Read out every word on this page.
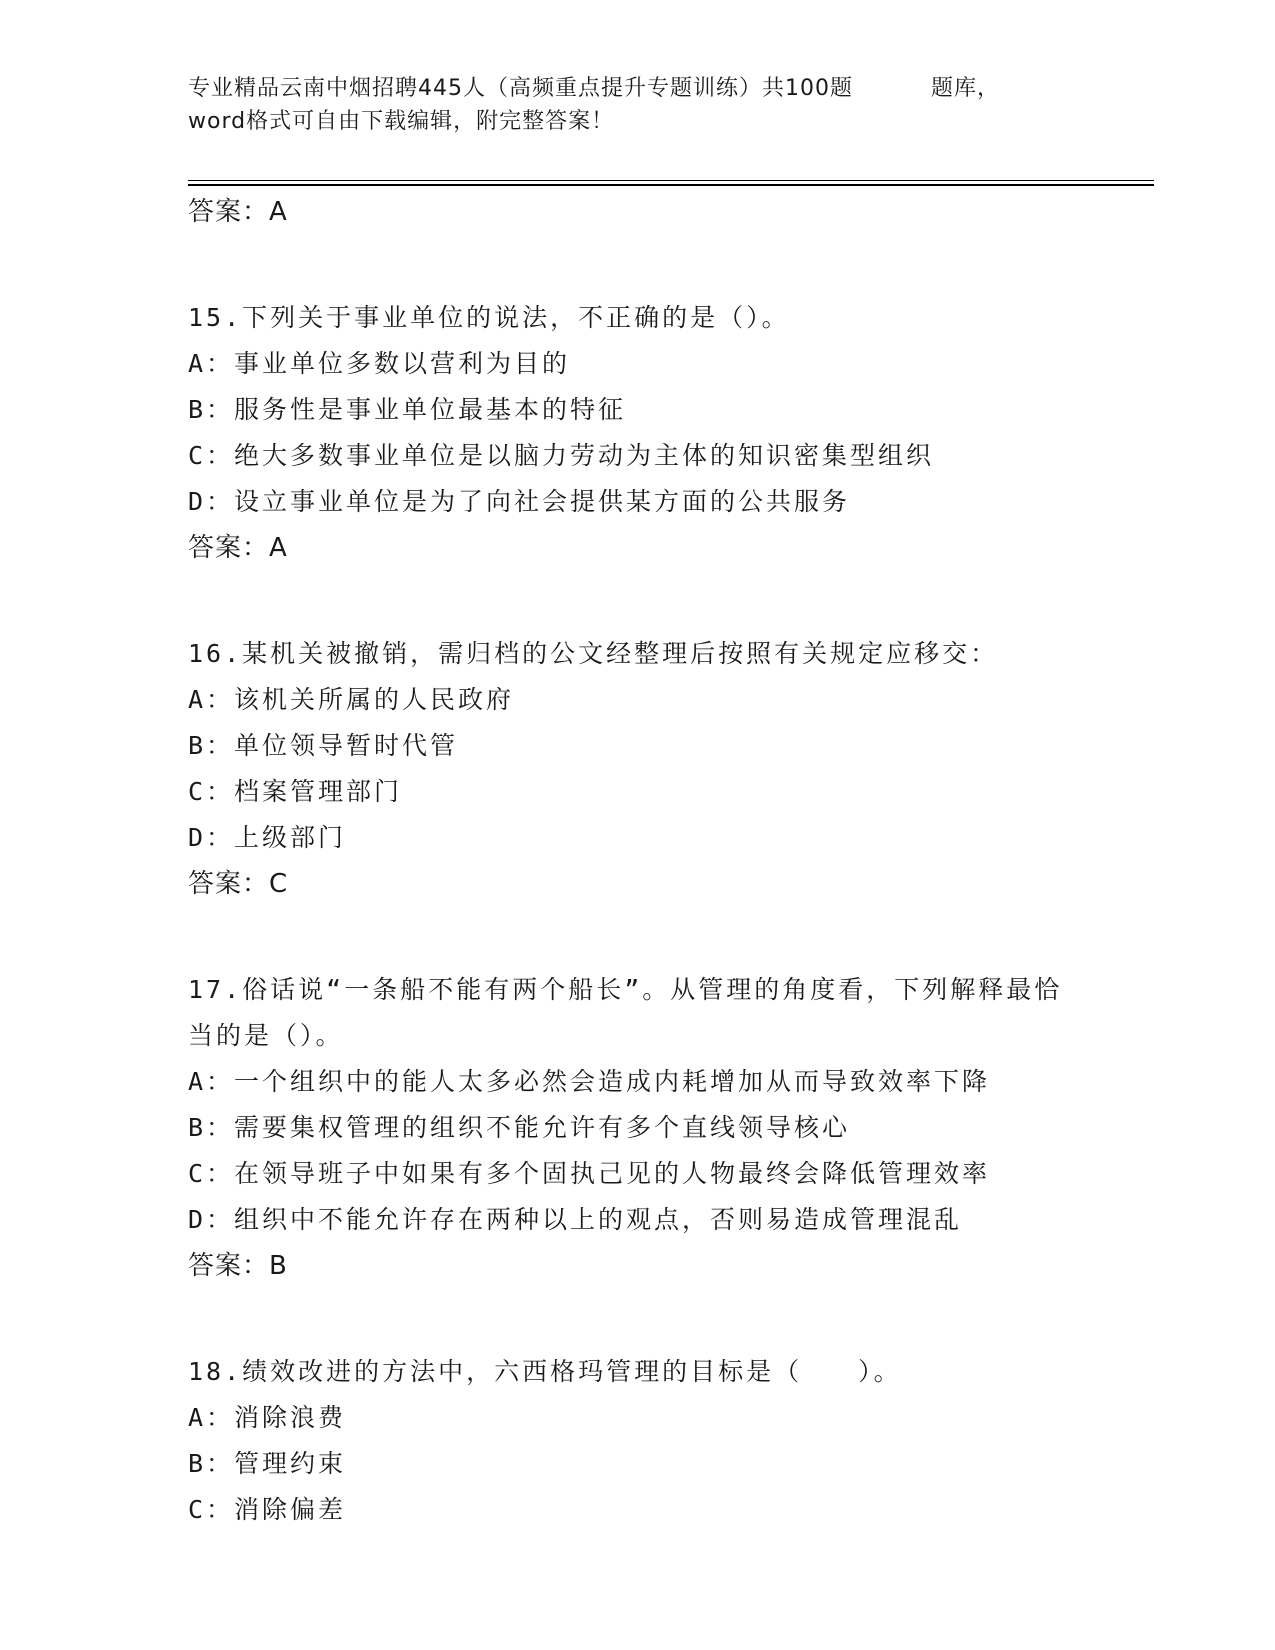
专业精品云南中烟招聘445人（高频重点提升专题训练）共100题	题库，
word格式可自由下载编辑，附完整答案！
答案：A
15.下列关于事业单位的说法，不正确的是（）。
A：事业单位多数以营利为目的
B：服务性是事业单位最基本的特征
C：绝大多数事业单位是以脑力劳动为主体的知识密集型组织
D：设立事业单位是为了向社会提供某方面的公共服务
答案：A
16.某机关被撤销，需归档的公文经整理后按照有关规定应移交：
A：该机关所属的人民政府
B：单位领导暂时代管
C：档案管理部门
D：上级部门
答案：C
17.俗话说“一条船不能有两个船长”。从管理的角度看，下列解释最恰当的是（）。
A：一个组织中的能人太多必然会造成内耗增加从而导致效率下降
B：需要集权管理的组织不能允许有多个直线领导核心
C：在领导班子中如果有多个固执己见的人物最终会降低管理效率
D：组织中不能允许存在两种以上的观点，否则易造成管理混乱
答案：B
18.绩效改进的方法中，六西格玛管理的目标是（　　）。
A：消除浪费
B：管理约束
C：消除偏差
